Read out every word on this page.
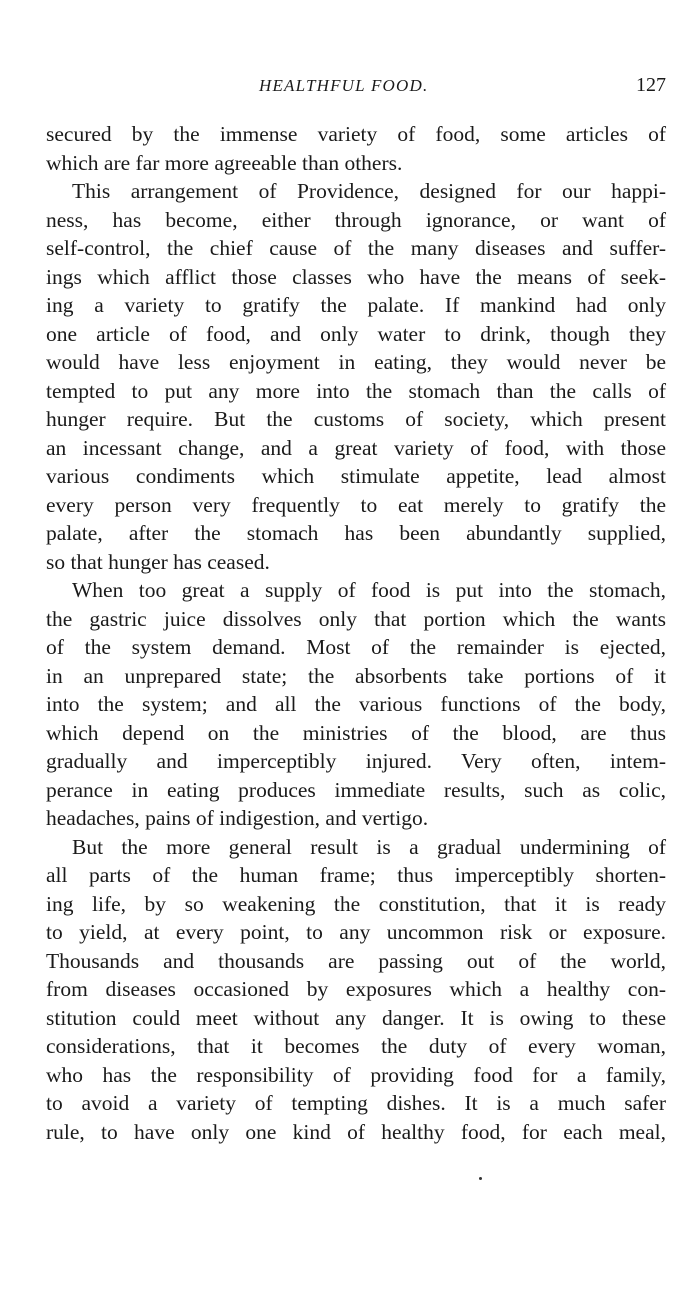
HEALTHFUL FOOD.	127
secured by the immense variety of food, some articles of
which are far more agreeable than others.
This arrangement of Providence, designed for our happi-
ness, has become, either through ignorance, or want of
self-control, the chief cause of the many diseases and suffer-
ings which afflict those classes who have the means of seek-
ing a variety to gratify the palate. If mankind had only
one article of food, and only water to drink, though they
would have less enjoyment in eating, they would never be
tempted to put any more into the stomach than the calls of
hunger require. But the customs of society, which present
an incessant change, and a great variety of food, with those
various condiments which stimulate appetite, lead almost
every person very frequently to eat merely to gratify the
palate, after the stomach has been abundantly supplied,
so that hunger has ceased.
When too great a supply of food is put into the stomach,
the gastric juice dissolves only that portion which the wants
of the system demand. Most of the remainder is ejected,
in an unprepared state; the absorbents take portions of it
into the system; and all the various functions of the body,
which depend on the ministries of the blood, are thus
gradually and imperceptibly injured. Very often, intem-
perance in eating produces immediate results, such as colic,
headaches, pains of indigestion, and vertigo.
But the more general result is a gradual undermining of
all parts of the human frame; thus imperceptibly shorten-
ing life, by so weakening the constitution, that it is ready
to yield, at every point, to any uncommon risk or exposure.
Thousands and thousands are passing out of the world,
from diseases occasioned by exposures which a healthy con-
stitution could meet without any danger. It is owing to these
considerations, that it becomes the duty of every woman,
who has the responsibility of providing food for a family,
to avoid a variety of tempting dishes. It is a much safer
rule, to have only one kind of healthy food, for each meal,
